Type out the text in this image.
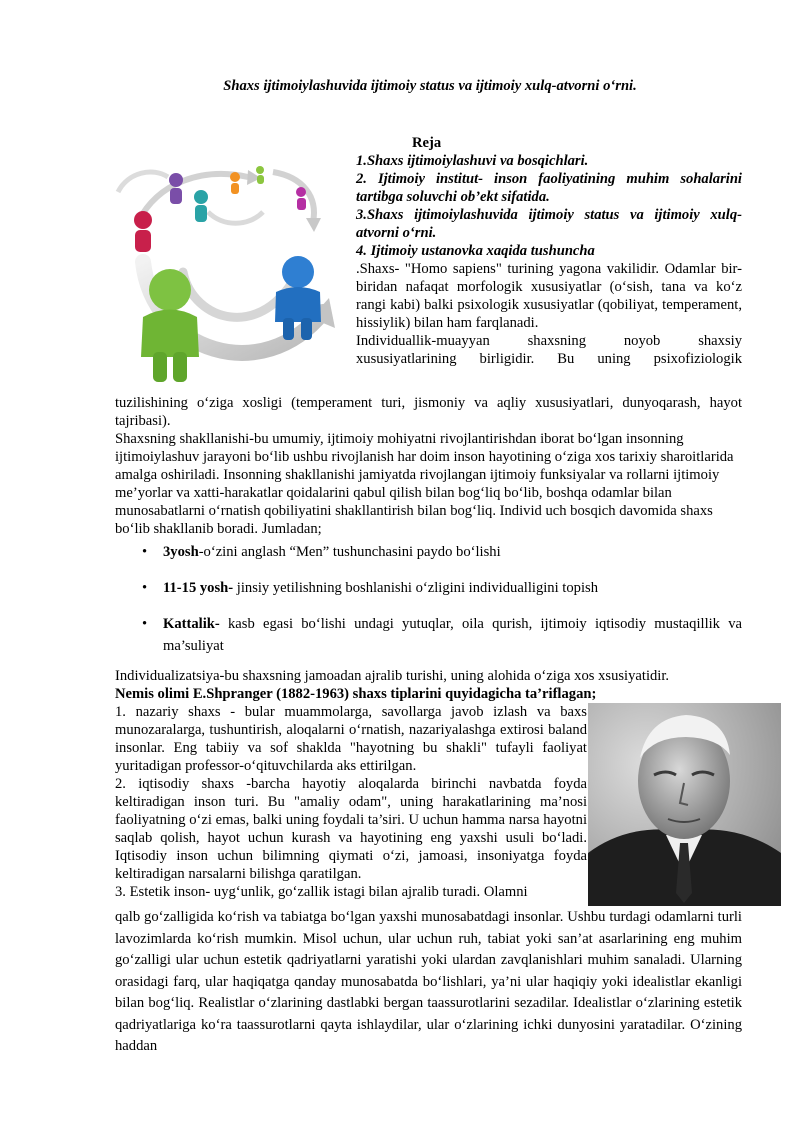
Shaxs ijtimoiylashuvida ijtimoiy status va ijtimoiy xulq-atvorni o‘rni.
Reja
1.Shaxs ijtimoiylashuvi va bosqichlari.
2. Ijtimoiy institut- inson faoliyatining muhim sohalarini tartibga soluvchi ob’ekt sifatida.
3.Shaxs ijtimoiylashuvida ijtimoiy status va ijtimoiy xulq-atvorni o‘rni.
4. Ijtimoiy ustanovka xaqida tushuncha
.Shaxs- "Homo sapiens" turining yagona vakilidir. Odamlar bir-biridan nafaqat morfologik xususiyatlar (o‘sish, tana va ko‘z rangi kabi) balki psixologik xususiyatlar (qobiliyat, temperament, hissiylik) bilan ham farqlanadi.
Individuallik-muayyan shaxsning noyob shaxsiy xususiyatlarining birligidir. Bu uning psixofiziologik
tuzilishining o‘ziga xosligi (temperament turi, jismoniy va aqliy xususiyatlari, dunyoqarash, hayot tajribasi).
Shaxsning shakllanishi-bu umumiy, ijtimoiy mohiyatni rivojlantirishdan iborat bo‘lgan insonning ijtimoiylashuv jarayoni bo‘lib ushbu rivojlanish har doim inson hayotining o‘ziga xos tarixiy sharoitlarida amalga oshiriladi. Insonning shakllanishi jamiyatda rivojlangan ijtimoiy funksiyalar va rollarni ijtimoiy me’yorlar va xatti-harakatlar qoidalarini qabul qilish bilan bog‘liq bo‘lib, boshqa odamlar bilan munosabatlarni o‘rnatish qobiliyatini shakllantirish bilan bog‘liq. Individ uch bosqich davomida shaxs bo‘lib shakllanib boradi. Jumladan;
• 3yosh-o‘zini anglash “Men” tushunchasini paydo bo‘lishi
• 11-15 yosh- jinsiy yetilishning boshlanishi o‘zligini individualligini topish
• Kattalik- kasb egasi bo‘lishi undagi yutuqlar, oila qurish, ijtimoiy iqtisodiy mustaqillik va ma’suliyat
Individualizatsiya-bu shaxsning jamoadan ajralib turishi, uning alohida o‘ziga xos xsusiyatidir.
Nemis olimi E.Shpranger (1882-1963) shaxs tiplarini quyidagicha ta’riflagan;
1. nazariy shaxs - bular muammolarga, savollarga javob izlash va baxs munozaralarga, tushuntirish, aloqalarni o‘rnatish, nazariyalashga extirosi baland insonlar. Eng tabiiy va sof shaklda "hayotning bu shakli" tufayli faoliyat yuritadigan professor-o‘qituvchilarda aks ettirilgan.
2. iqtisodiy shaxs -barcha hayotiy aloqalarda birinchi navbatda foyda keltiradigan inson turi. Bu "amaliy odam", uning harakatlarining ma’nosi faoliyatning o‘zi emas, balki uning foydali ta’siri. U uchun hamma narsa hayotni saqlab qolish, hayot uchun kurash va hayotining eng yaxshi usuli bo‘ladi. Iqtisodiy inson uchun bilimning qiymati o‘zi, jamoasi, insoniyatga foyda keltiradigan narsalarni bilishga qaratilgan.
3. Estetik inson- uyg‘unlik, go‘zallik istagi bilan ajralib turadi. Olamni
qalb go‘zalligida ko‘rish va tabiatga bo‘lgan yaxshi munosabatdagi insonlar. Ushbu turdagi odamlarni turli lavozimlarda ko‘rish mumkin. Misol uchun, ular uchun ruh, tabiat yoki san’at asarlarining eng muhim go‘zalligi ular uchun estetik qadriyatlarni yaratishi yoki ulardan zavqlanishlari muhim sanaladi. Ularning orasidagi farq, ular haqiqatga qanday munosabatda bo‘lishlari, ya’ni ular haqiqiy yoki idealistlar ekanligi bilan bog‘liq. Realistlar o‘zlarining dastlabki bergan taassurotlarini sezadilar. Idealistlar o‘zlarining estetik qadriyatlariga ko‘ra taassurotlarni qayta ishlaydilar, ular o‘zlarining ichki dunyosini yaratadilar. O‘zining haddan
